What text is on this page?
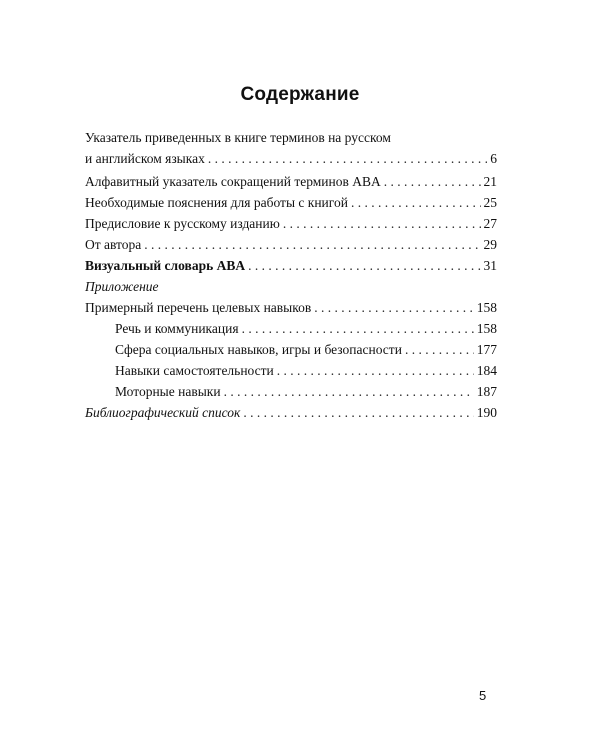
Содержание
Указатель приведенных в книге терминов на русском
и английском языках . . .	6
Алфавитный указатель сокращений терминов ABA . . .	21
Необходимые пояснения для работы с книгой . . .	25
Предисловие к русскому изданию . . .	27
От автора . . .	29
Визуальный словарь ABA . . .	31
Приложение
Примерный перечень целевых навыков . . .	158
Речь и коммуникация . . .	158
Сфера социальных навыков, игры и безопасности . . .	177
Навыки самостоятельности . . .	184
Моторные навыки . . .	187
Библиографический список . . .	190
5
